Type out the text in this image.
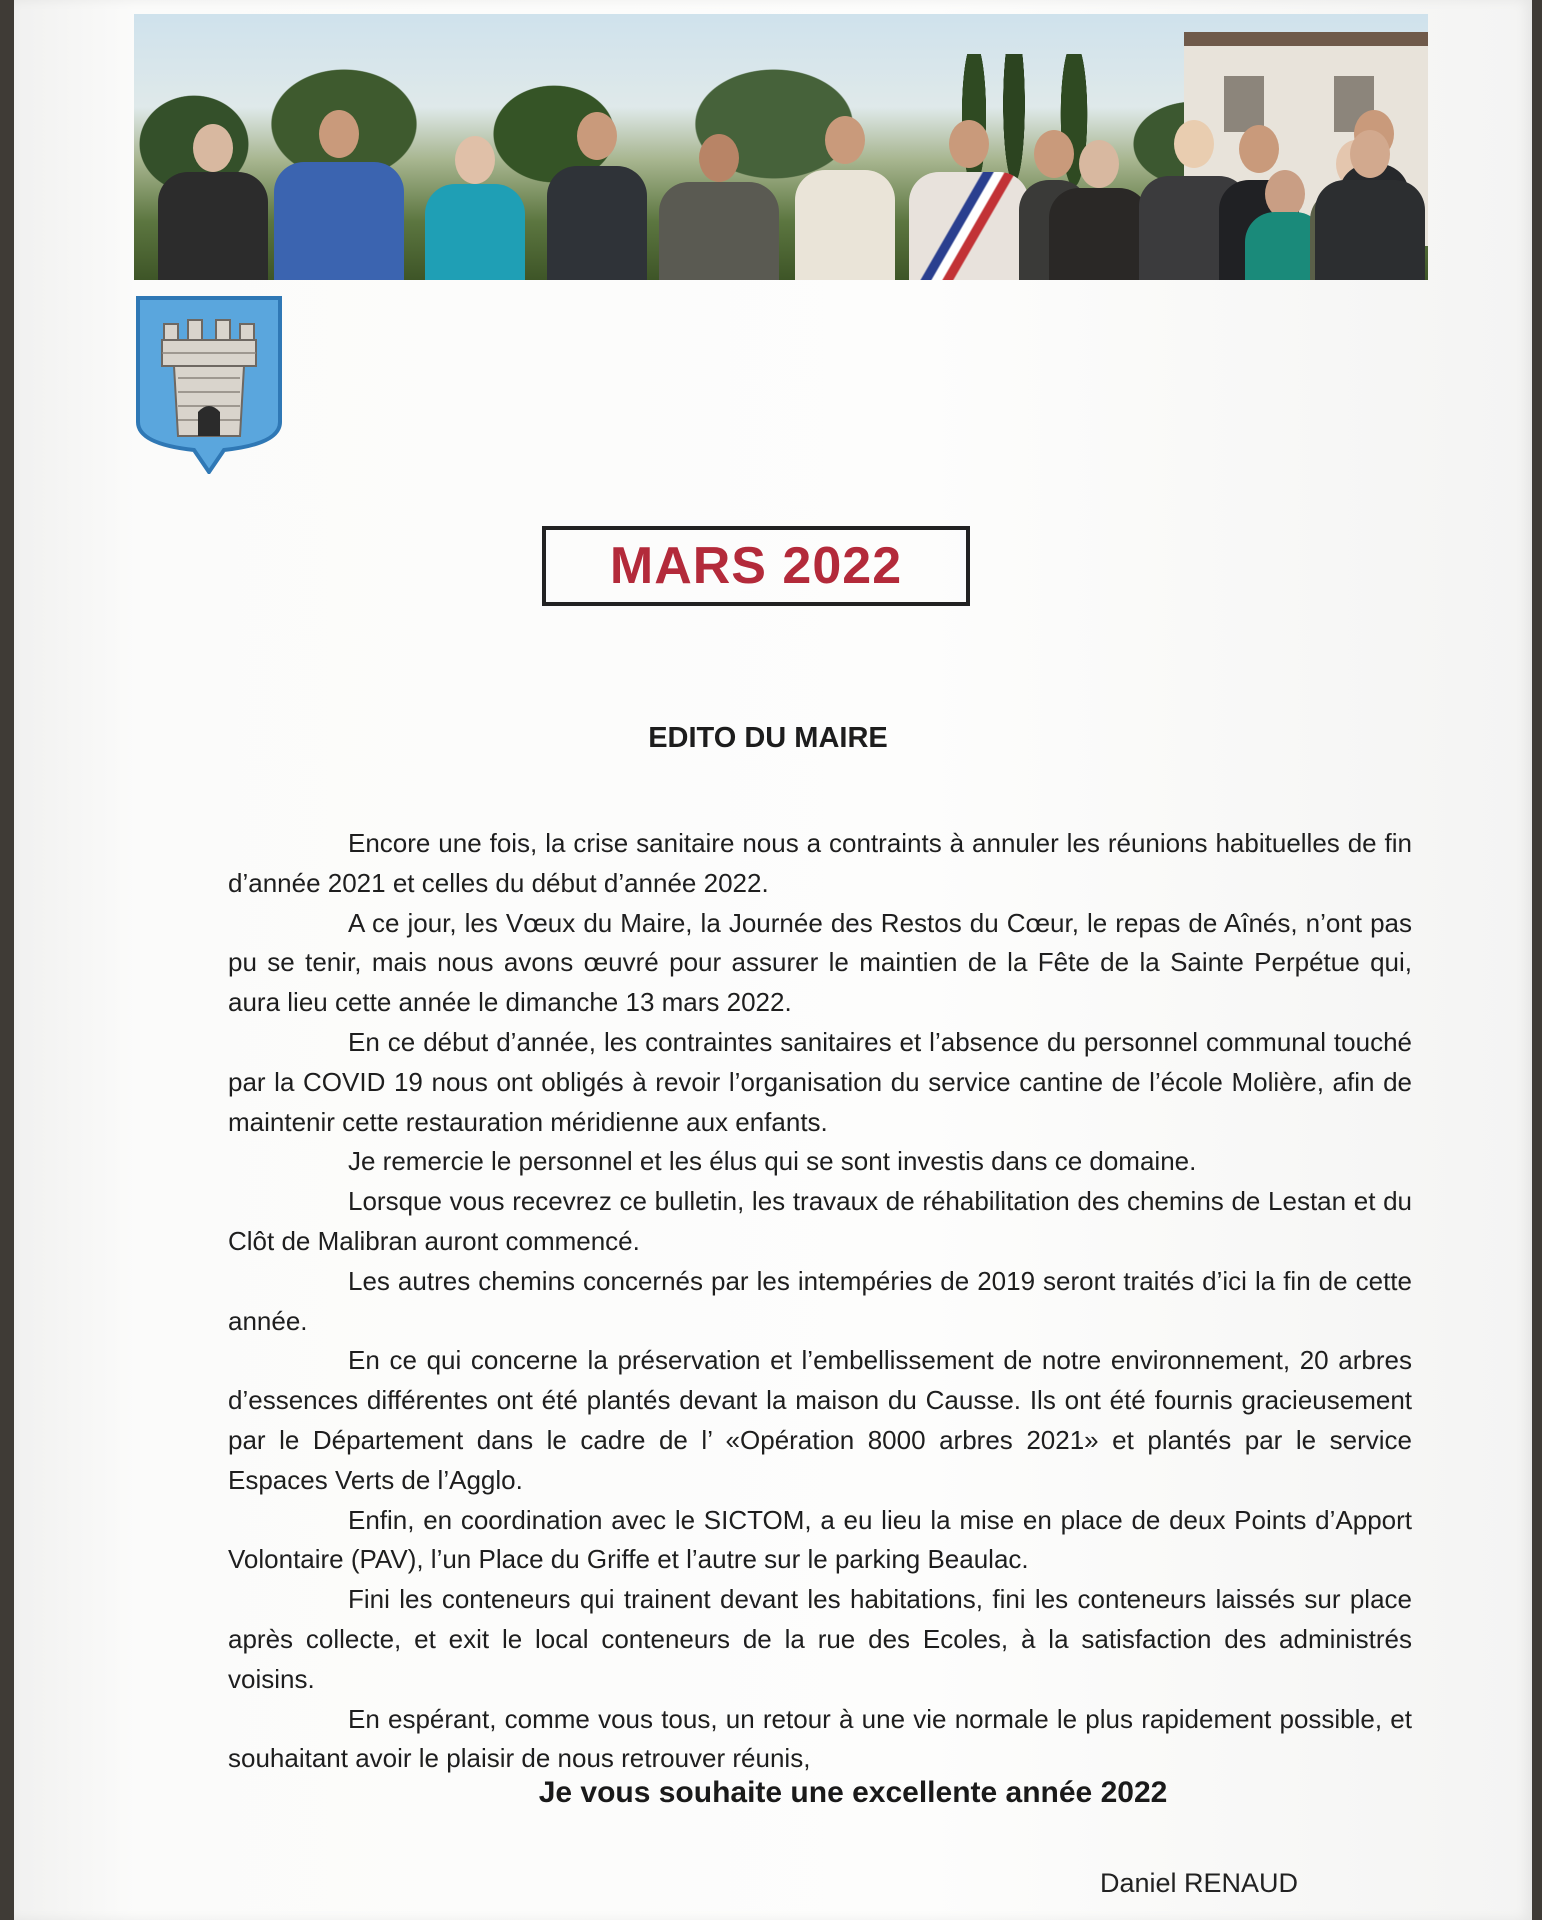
MARS 2022
EDITO DU MAIRE

Encore une fois, la crise sanitaire nous a contraints à annuler les réunions habituelles de fin d’année 2021 et celles du début d’année 2022.

A ce jour, les Vœux du Maire, la Journée des Restos du Cœur, le repas de Aînés, n’ont pas pu se tenir, mais nous avons œuvré pour assurer le maintien de la Fête de la Sainte Perpétue qui, aura lieu cette année le dimanche 13 mars 2022.

En ce début d’année, les contraintes sanitaires et l’absence du personnel communal touché par la COVID 19 nous ont obligés à revoir l’organisation du service cantine de l’école Molière, afin de maintenir cette restauration méridienne aux enfants.

Je remercie le personnel et les élus qui se sont investis dans ce domaine.

Lorsque vous recevrez ce bulletin, les travaux de réhabilitation des chemins de Lestan et du Clôt de Malibran auront commencé.

Les autres chemins concernés par les intempéries de 2019 seront traités d’ici la fin de cette année.

En ce qui concerne la préservation et l’embellissement de notre environnement, 20 arbres d’essences différentes ont été plantés devant la maison du Causse. Ils ont été fournis gracieusement par le Département dans le cadre de l’ «Opération 8000 arbres 2021» et plantés par le service Espaces Verts de l’Agglo.

Enfin, en coordination avec le SICTOM, a eu lieu la mise en place de deux Points d’Apport Volontaire (PAV), l’un Place du Griffe et l’autre sur le parking Beaulac.

Fini les conteneurs qui trainent devant les habitations, fini les conteneurs laissés sur place après collecte, et exit le local conteneurs de la rue des Ecoles, à la satisfaction des administrés voisins.

En espérant, comme vous tous, un retour à une vie normale le plus rapidement possible, et souhaitant avoir le plaisir de nous retrouver réunis,

Je vous souhaite une excellente année 2022
Daniel RENAUD
